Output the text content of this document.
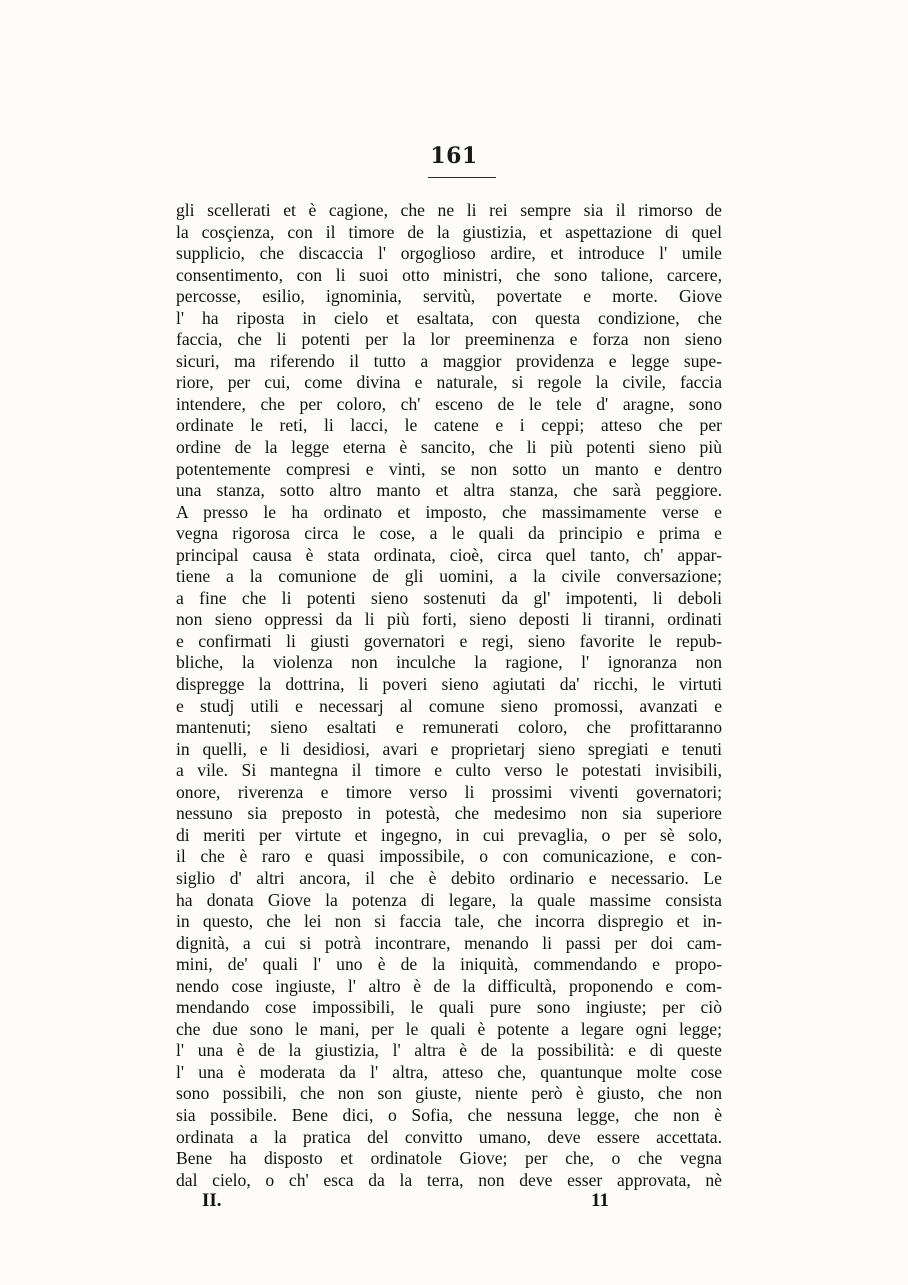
161
gli scellerati et è cagione, che ne li rei sempre sia il rimorso de
la cosçienza, con il timore de la giustizia, et aspettazione di quel
supplicio, che discaccia l' orgoglioso ardire, et introduce l' umile
consentimento, con li suoi otto ministri, che sono talione, carcere,
percosse, esilio, ignominia, servitù, povertate e morte. Giove
l' ha riposta in cielo et esaltata, con questa condizione, che
faccia, che li potenti per la lor preeminenza e forza non sieno
sicuri, ma riferendo il tutto a maggior providenza e legge supe-
riore, per cui, come divina e naturale, si regole la civile, faccia
intendere, che per coloro, ch' esceno de le tele d' aragne, sono
ordinate le reti, li lacci, le catene e i ceppi; atteso che per
ordine de la legge eterna è sancito, che li più potenti sieno più
potentemente compresi e vinti, se non sotto un manto e dentro
una stanza, sotto altro manto et altra stanza, che sarà peggiore.
A presso le ha ordinato et imposto, che massimamente verse e
vegna rigorosa circa le cose, a le quali da principio e prima e
principal causa è stata ordinata, cioè, circa quel tanto, ch' appar-
tiene a la comunione de gli uomini, a la civile conversazione;
a fine che li potenti sieno sostenuti da gl' impotenti, li deboli
non sieno oppressi da li più forti, sieno deposti li tiranni, ordinati
e confirmati li giusti governatori e regi, sieno favorite le repub-
bliche, la violenza non inculche la ragione, l' ignoranza non
dispregge la dottrina, li poveri sieno agiutati da' ricchi, le virtuti
e studj utili e necessarj al comune sieno promossi, avanzati e
mantenuti; sieno esaltati e remunerati coloro, che profittaranno
in quelli, e li desidiosi, avari e proprietarj sieno spregiati e tenuti
a vile. Si mantegna il timore e culto verso le potestati invisibili,
onore, riverenza e timore verso li prossimi viventi governatori;
nessuno sia preposto in potestà, che medesimo non sia superiore
di meriti per virtute et ingegno, in cui prevaglia, o per sè solo,
il che è raro e quasi impossibile, o con comunicazione, e con-
siglio d' altri ancora, il che è debito ordinario e necessario. Le
ha donata Giove la potenza di legare, la quale massime consista
in questo, che lei non si faccia tale, che incorra dispregio et in-
dignità, a cui si potrà incontrare, menando li passi per doi cam-
mini, de' quali l' uno è de la iniquità, commendando e propo-
nendo cose ingiuste, l' altro è de la difficultà, proponendo e com-
mendando cose impossibili, le quali pure sono ingiuste; per ciò
che due sono le mani, per le quali è potente a legare ogni legge;
l' una è de la giustizia, l' altra è de la possibilità: e di queste
l' una è moderata da l' altra, atteso che, quantunque molte cose
sono possibili, che non son giuste, niente però è giusto, che non
sia possibile. Bene dici, o Sofia, che nessuna legge, che non è
ordinata a la pratica del convitto umano, deve essere accettata.
Bene ha disposto et ordinatole Giove; per che, o che vegna
dal cielo, o ch' esca da la terra, non deve esser approvata, nè
II.	11
